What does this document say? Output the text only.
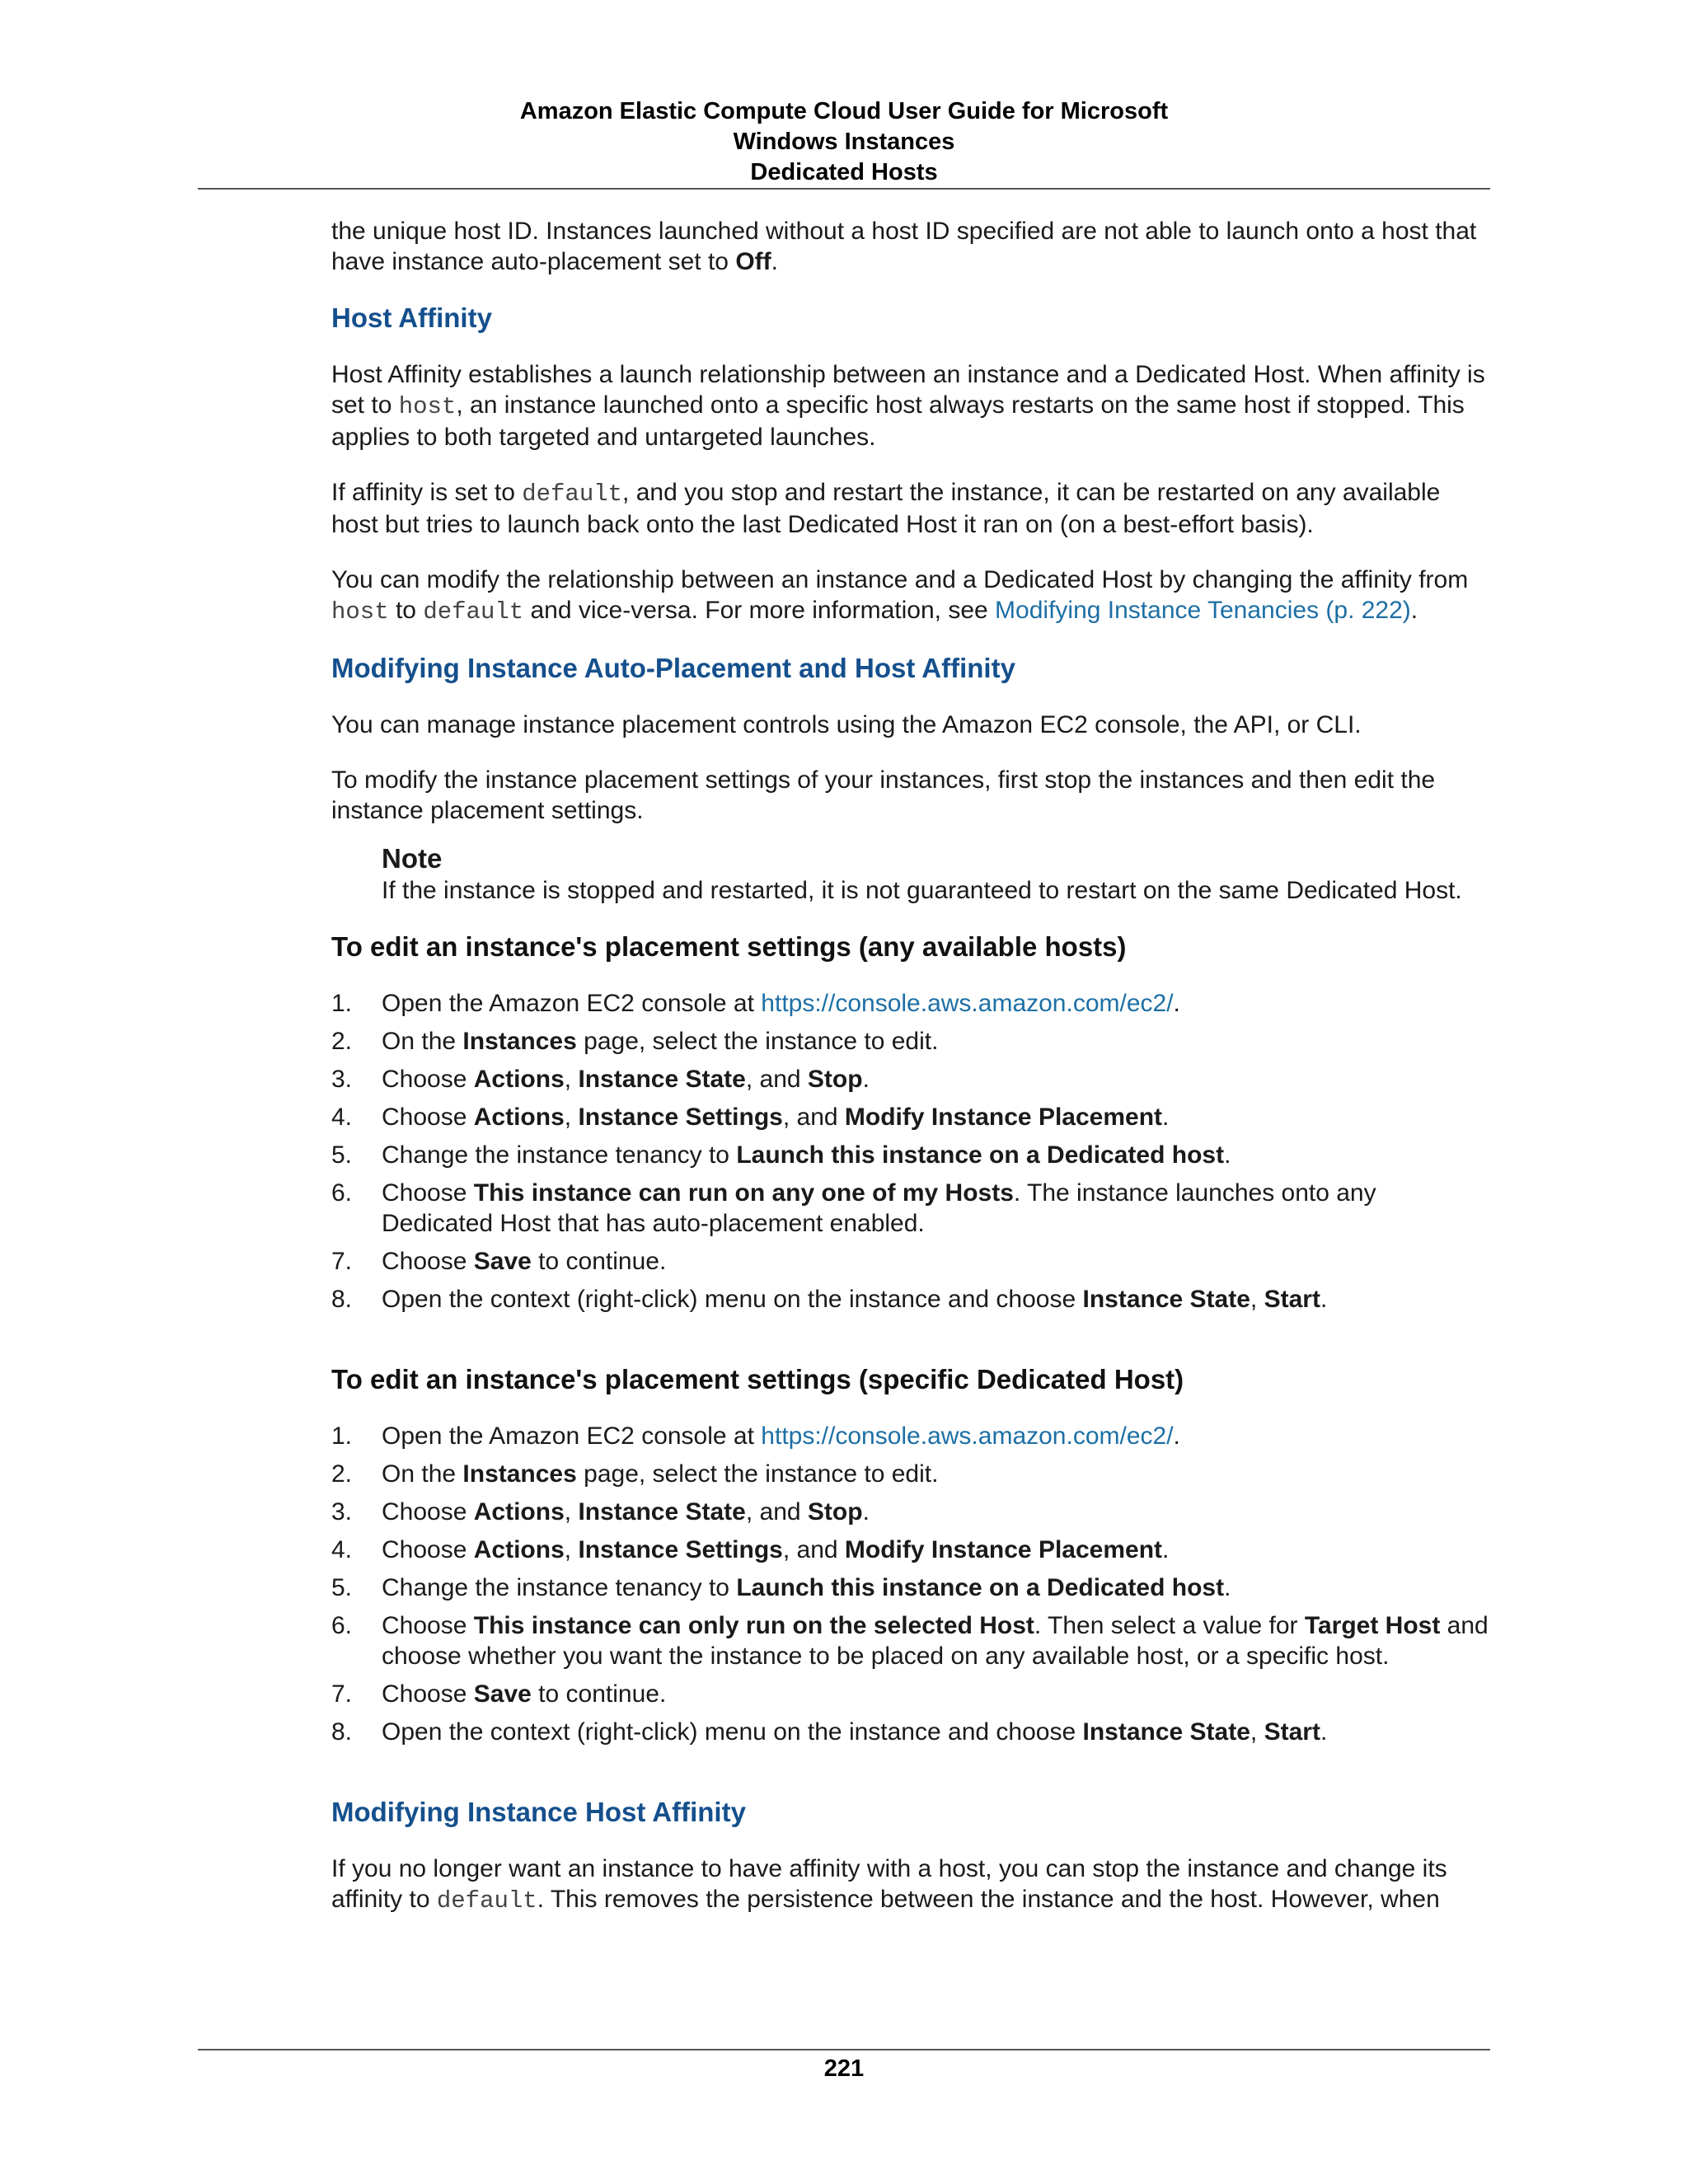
Amazon Elastic Compute Cloud User Guide for Microsoft
Windows Instances
Dedicated Hosts

the unique host ID. Instances launched without a host ID specified are not able to launch onto a host that have instance auto-placement set to Off.

Host Affinity

Host Affinity establishes a launch relationship between an instance and a Dedicated Host. When affinity is set to host, an instance launched onto a specific host always restarts on the same host if stopped. This applies to both targeted and untargeted launches.

If affinity is set to default, and you stop and restart the instance, it can be restarted on any available host but tries to launch back onto the last Dedicated Host it ran on (on a best-effort basis).

You can modify the relationship between an instance and a Dedicated Host by changing the affinity from host to default and vice-versa. For more information, see Modifying Instance Tenancies (p. 222).

Modifying Instance Auto-Placement and Host Affinity

You can manage instance placement controls using the Amazon EC2 console, the API, or CLI.

To modify the instance placement settings of your instances, first stop the instances and then edit the instance placement settings.

Note
If the instance is stopped and restarted, it is not guaranteed to restart on the same Dedicated Host.
To edit an instance's placement settings (any available hosts)
1. Open the Amazon EC2 console at https://console.aws.amazon.com/ec2/.
2. On the Instances page, select the instance to edit.
3. Choose Actions, Instance State, and Stop.
4. Choose Actions, Instance Settings, and Modify Instance Placement.
5. Change the instance tenancy to Launch this instance on a Dedicated host.
6. Choose This instance can run on any one of my Hosts. The instance launches onto any Dedicated Host that has auto-placement enabled.
7. Choose Save to continue.
8. Open the context (right-click) menu on the instance and choose Instance State, Start.
To edit an instance's placement settings (specific Dedicated Host)
1. Open the Amazon EC2 console at https://console.aws.amazon.com/ec2/.
2. On the Instances page, select the instance to edit.
3. Choose Actions, Instance State, and Stop.
4. Choose Actions, Instance Settings, and Modify Instance Placement.
5. Change the instance tenancy to Launch this instance on a Dedicated host.
6. Choose This instance can only run on the selected Host. Then select a value for Target Host and choose whether you want the instance to be placed on any available host, or a specific host.
7. Choose Save to continue.
8. Open the context (right-click) menu on the instance and choose Instance State, Start.
Modifying Instance Host Affinity

If you no longer want an instance to have affinity with a host, you can stop the instance and change its affinity to default. This removes the persistence between the instance and the host. However, when

221
